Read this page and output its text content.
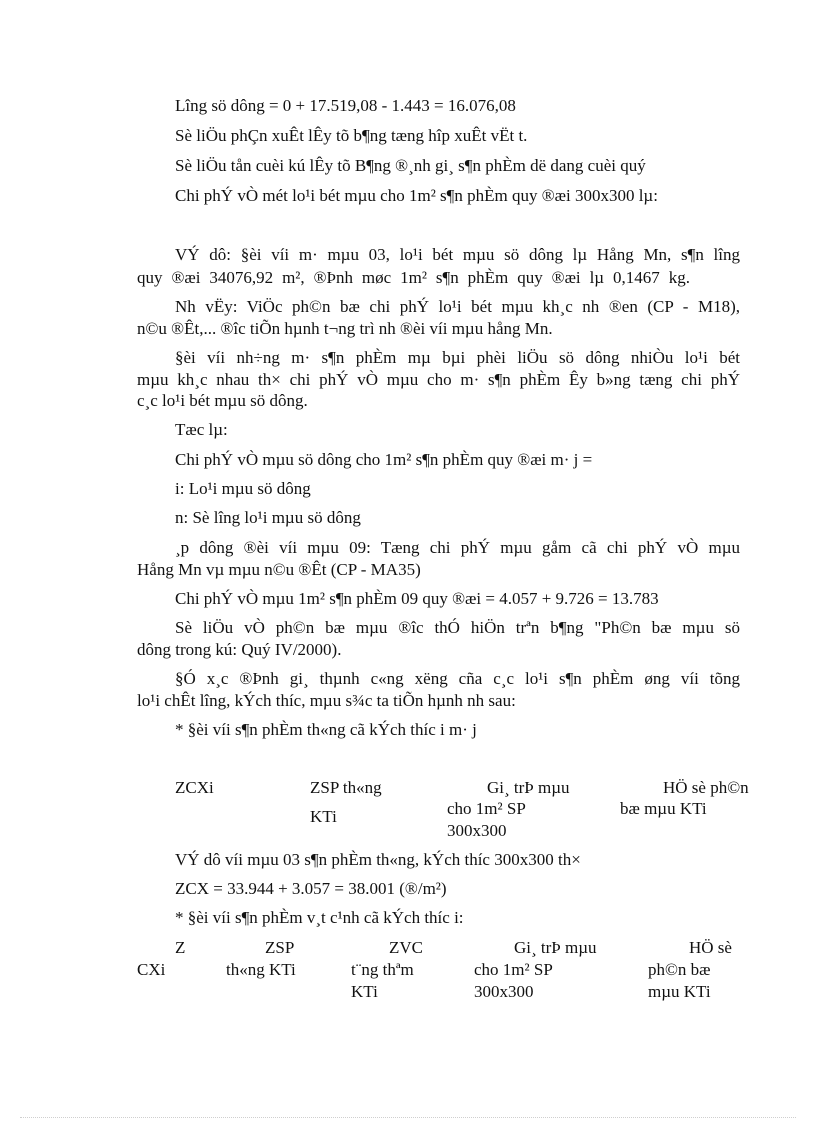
Lîng sö dông = 0 + 17.519,08 - 1.443 = 16.076,08
Sè liÖu phÇn xuÊt lÊy tõ b¶ng tæng hîp xuÊt vËt t.
Sè liÖu tån cuèi kú lÊy tõ B¶ng ®¸nh gi¸ s¶n phÈm dë dang cuèi quý
Chi phÝ vÒ mét lo¹i bét mµu cho 1m² s¶n phÈm quy ®æi 300x300 lµ:
VÝ dô: §èi víi m· mµu 03, lo¹i bét mµu sö dông lµ Hång Mn, s¶n lîng
quy ®æi 34076,92 m², ®Þnh møc 1m² s¶n phÈm quy ®æi lµ 0,1467 kg.
Nh vËy: ViÖc ph©n bæ chi phÝ lo¹i bét mµu kh¸c nh ®en (CP - M18),
n©u ®Êt,... ®îc tiÕn hµnh t¬ng trì nh ®èi víi mµu hång Mn.
§èi víi nh÷ng m· s¶n phÈm mµ bµi phèi liÖu sö dông nhiÒu lo¹i bét
mµu kh¸c nhau th× chi phÝ vÒ mµu cho m· s¶n phÈm Êy b»ng tæng chi phÝ
c¸c lo¹i bét mµu sö dông.
Tæc lµ:
Chi phÝ vÒ mµu sö dông cho 1m² s¶n phÈm quy ®æi m· j =
i: Lo¹i mµu sö dông
n: Sè lîng lo¹i mµu sö dông
¸p dông ®èi víi mµu 09: Tæng chi phÝ mµu gåm cã chi phÝ vÒ mµu
Hång Mn vµ mµu n©u ®Êt (CP - MA35)
Chi phÝ vÒ mµu 1m² s¶n phÈm 09 quy ®æi = 4.057 + 9.726 = 13.783
Sè liÖu vÒ ph©n bæ mµu ®îc thÓ hiÖn trªn b¶ng "Ph©n bæ mµu sö
dông trong kú: Quý IV/2000).
§Ó x¸c ®Þnh gi¸ thµnh c«ng xëng cña c¸c lo¹i s¶n phÈm øng víi tõng
lo¹i chÊt lîng, kÝch thíc, mµu s¾c ta tiÕn hµnh nh sau:
* §èi víi s¶n phÈm th«ng cã kÝch thíc i m· j
ZCXi	ZSP th«ng
KTi
Gi¸ trÞ mµu
cho 1m² SP
300x300
HÖ sè ph©n
bæ mµu KTi
VÝ dô víi mµu 03 s¶n phÈm th«ng, kÝch thíc 300x300 th×
ZCX = 33.944 + 3.057 = 38.001 (®/m²)
* §èi víi s¶n phÈm v¸t c¹nh cã kÝch thíc i:
Z
CXi
ZSP
th«ng KTi
ZVC
t¨ng thªm
KTi
Gi¸ trÞ mµu
cho 1m² SP
300x300
HÖ sè
ph©n bæ
mµu KTi
